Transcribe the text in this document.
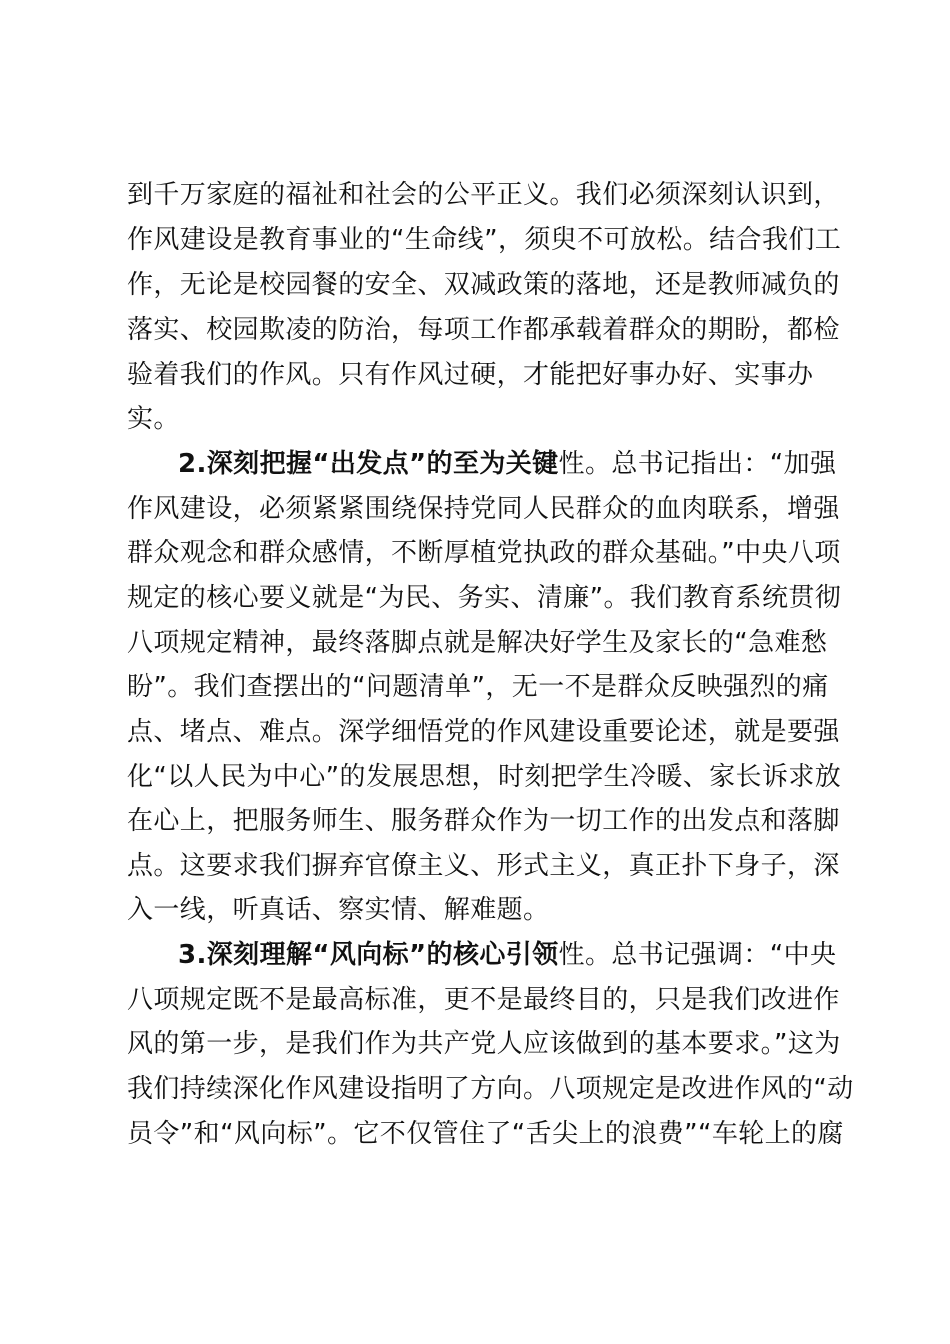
到千万家庭的福祉和社会的公平正义。我们必须深刻认识到，
作风建设是教育事业的“生命线”，须臾不可放松。结合我们工
作，无论是校园餐的安全、双减政策的落地，还是教师减负的
落实、校园欺凌的防治，每项工作都承载着群众的期盼，都检
验着我们的作风。只有作风过硬，才能把好事办好、实事办
实。
2.深刻把握“出发点”的至为关键性。总书记指出：“加强
作风建设，必须紧紧围绕保持党同人民群众的血肉联系，增强
群众观念和群众感情，不断厚植党执政的群众基础。”中央八项
规定的核心要义就是“为民、务实、清廉”。我们教育系统贯彻
八项规定精神，最终落脚点就是解决好学生及家长的“急难愁
盼”。我们查摆出的“问题清单”，无一不是群众反映强烈的痛
点、堵点、难点。深学细悟党的作风建设重要论述，就是要强
化“以人民为中心”的发展思想，时刻把学生冷暖、家长诉求放
在心上，把服务师生、服务群众作为一切工作的出发点和落脚
点。这要求我们摒弃官僚主义、形式主义，真正扑下身子，深
入一线，听真话、察实情、解难题。
3.深刻理解“风向标”的核心引领性。总书记强调：“中央
八项规定既不是最高标准，更不是最终目的，只是我们改进作
风的第一步，是我们作为共产党人应该做到的基本要求。”这为
我们持续深化作风建设指明了方向。八项规定是改进作风的“动
员令”和“风向标”。它不仅管住了“舌尖上的浪费”“车轮上的腐
